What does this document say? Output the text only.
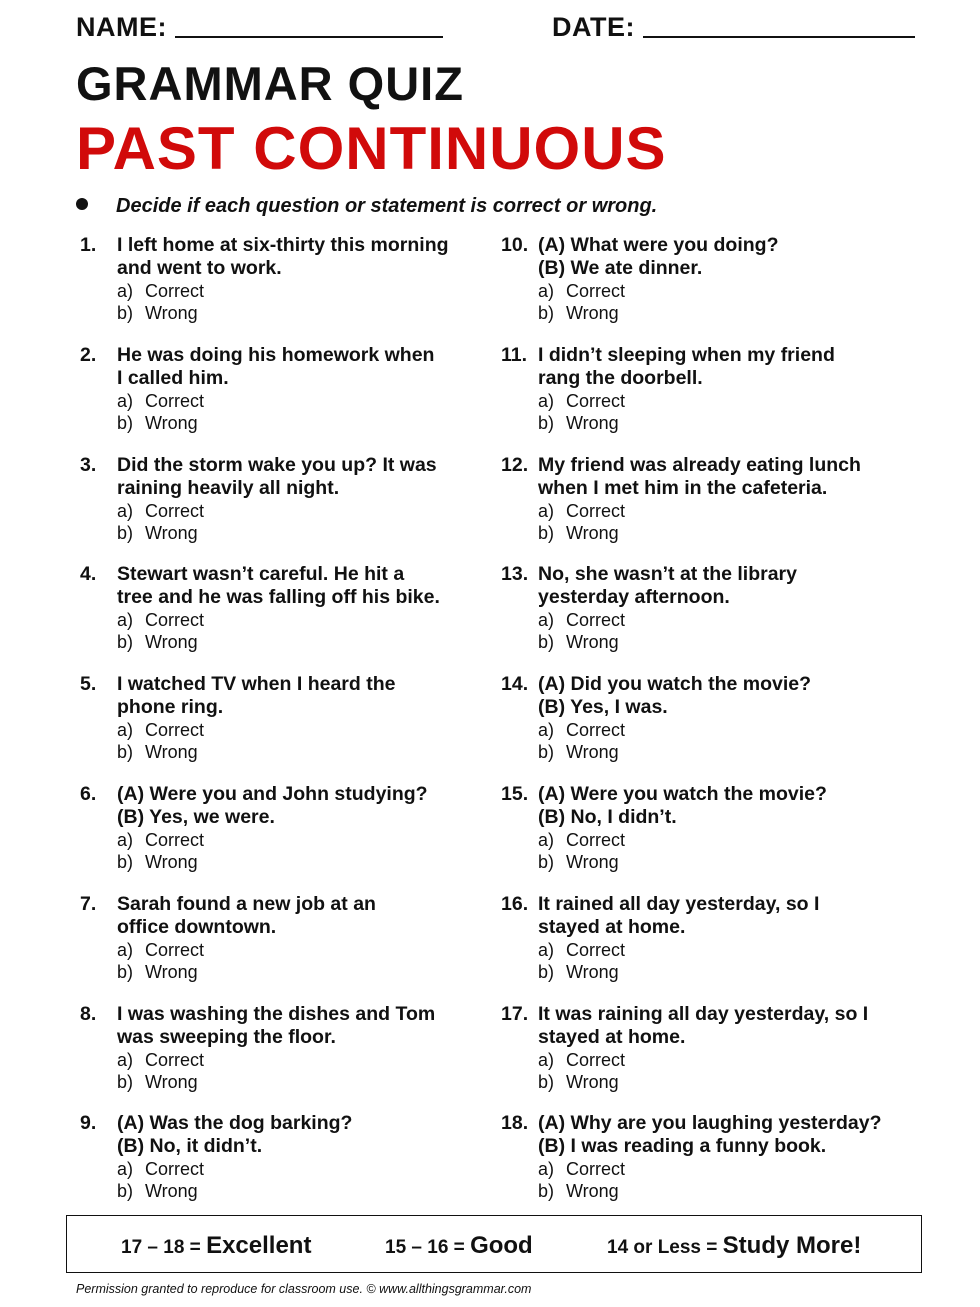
NAME:	DATE:
GRAMMAR QUIZ
PAST CONTINUOUS
Decide if each question or statement is correct or wrong.
1. I left home at six-thirty this morning
and went to work.

a) Correct

b) Wrong

2. He was doing his homework when
I called him.

a) Correct

b) Wrong

3. Did the storm wake you up? It was
raining heavily all night.

a) Correct

b) Wrong

4. Stewart wasn’t careful. He hit a
tree and he was falling off his bike.

a) Correct

b) Wrong

5. I watched TV when I heard the
phone ring.

a) Correct

b) Wrong

6. (A) Were you and John studying?
(B) Yes, we were.

a) Correct

b) Wrong

7. Sarah found a new job at an
office downtown.

a) Correct

b) Wrong

8. I was washing the dishes and Tom
was sweeping the floor.

a) Correct

b) Wrong

9. (A) Was the dog barking?
(B) No, it didn’t.

a) Correct

b) Wrong

10. (A) What were you doing?
(B) We ate dinner.

a) Correct

b) Wrong

11. I didn’t sleeping when my friend
rang the doorbell.

a) Correct

b) Wrong

12. My friend was already eating lunch
when I met him in the cafeteria.

a) Correct

b) Wrong

13. No, she wasn’t at the library
yesterday afternoon.

a) Correct

b) Wrong

14. (A) Did you watch the movie?
(B) Yes, I was.

a) Correct

b) Wrong

15. (A) Were you watch the movie?
(B) No, I didn’t.

a) Correct

b) Wrong

16. It rained all day yesterday, so I
stayed at home.

a) Correct

b) Wrong

17. It was raining all day yesterday, so I
stayed at home.

a) Correct

b) Wrong

18. (A) Why are you laughing yesterday?
(B) I was reading a funny book.

a) Correct

b) Wrong

17 – 18 = Excellent	15 – 16 = Good	14 or Less = Study More!
Permission granted to reproduce for classroom use. © www.allthingsgrammar.com
